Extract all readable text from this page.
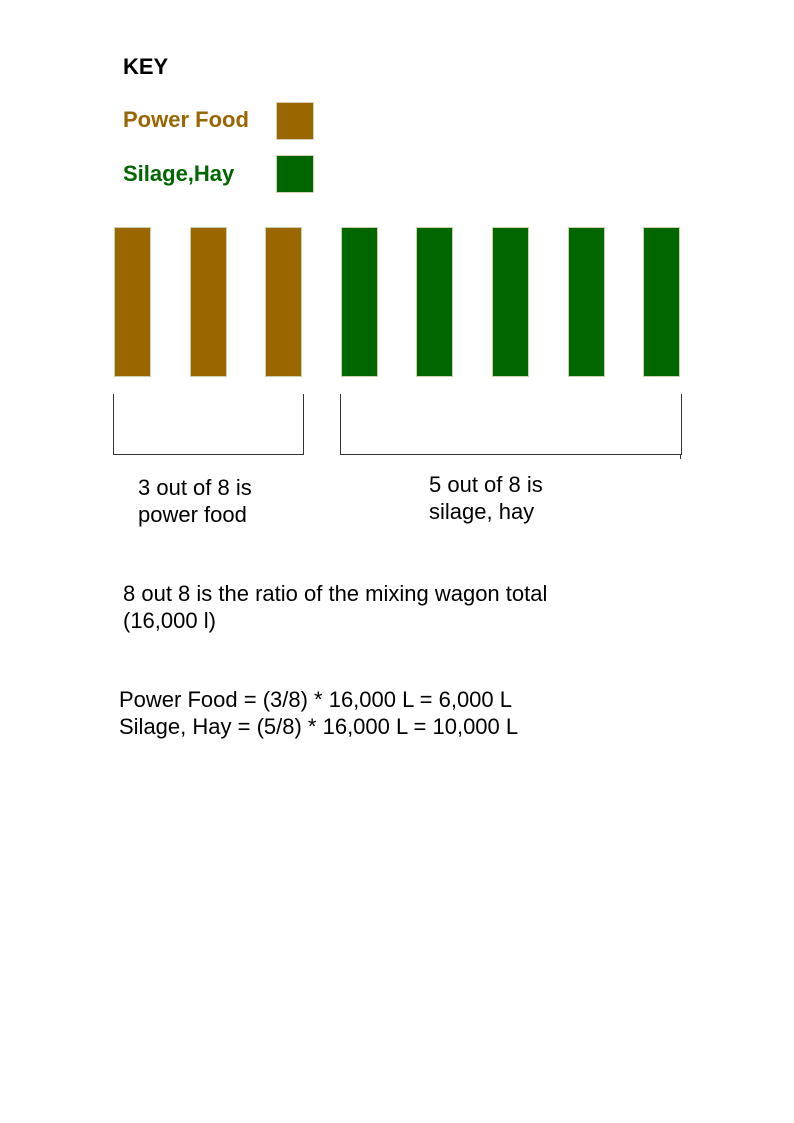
KEY
Power Food
Silage,Hay
3 out of 8 is
power food
5 out of 8 is
silage, hay
8 out 8 is the ratio of the mixing wagon total
(16,000 l)
Power Food = (3/8) * 16,000 L = 6,000 L
Silage, Hay = (5/8) * 16,000 L = 10,000 L
